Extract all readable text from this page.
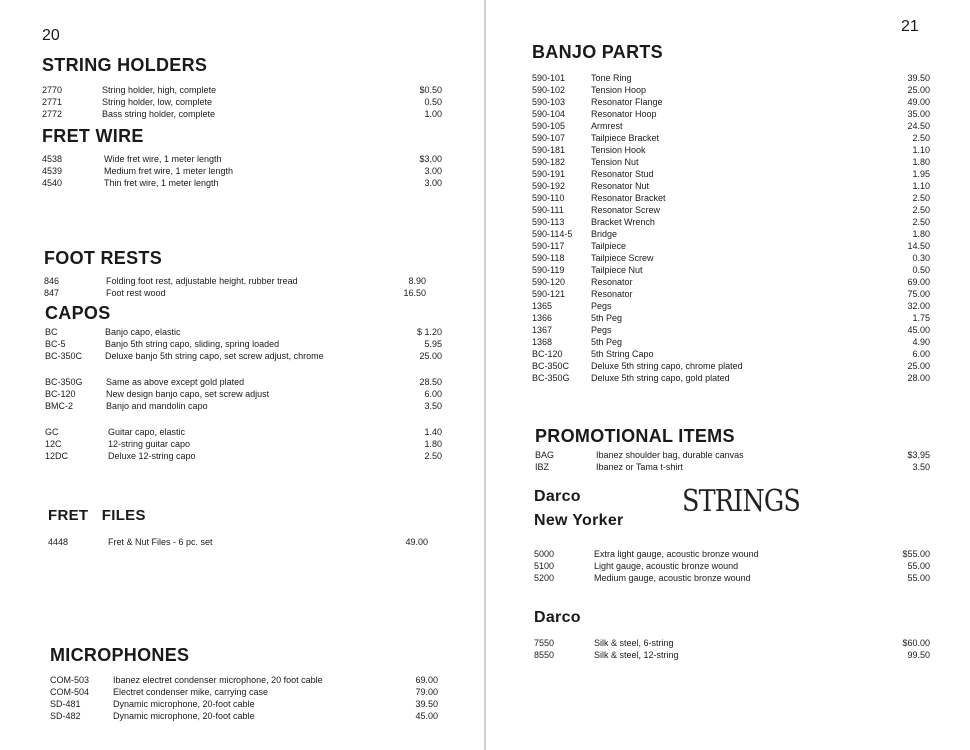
20
STRING HOLDERS
2770	String holder, high, complete	$0.50
2771	String holder, low, complete	0.50
2772	Bass string holder, complete	1.00
FRET WIRE
4538	Wide fret wire, 1 meter length	$3.00
4539	Medium fret wire, 1 meter length	3.00
4540	Thin fret wire, 1 meter length	3.00
FOOT RESTS
846	Folding foot rest, adjustable height, rubber tread	8.90
847	Foot rest wood	16.50
CAPOS
BC	Banjo capo, elastic	$ 1.20
BC-5	Banjo 5th string capo, sliding, spring loaded	5.95
BC-350C	Deluxe banjo 5th string capo, set screw adjust, chrome	25.00
BC-350G	Same as above except gold plated	28.50
BC-120	New design banjo capo, set screw adjust	6.00
BMC-2	Banjo and mandolin capo	3.50
GC	Guitar capo, elastic	1.40
12C	12-string guitar capo	1.80
12DC	Deluxe 12-string capo	2.50
FRET   FILES
4448	Fret & Nut Files - 6 pc. set	49.00
MICROPHONES
COM-503	Ibanez electret condenser microphone, 20 foot cable	69.00
COM-504	Electret condenser mike, carrying case	79.00
SD-481	Dynamic microphone, 20-foot cable	39.50
SD-482	Dynamic microphone, 20-foot cable	45.00
21
BANJO PARTS
590-101	Tone Ring	39.50
590-102	Tension Hoop	25.00
590-103	Resonator Flange	49.00
590-104	Resonator Hoop	35.00
590-105	Armrest	24.50
590-107	Tailpiece Bracket	2.50
590-181	Tension Hook	1.10
590-182	Tension Nut	1.80
590-191	Resonator Stud	1.95
590-192	Resonator Nut	1.10
590-110	Resonator Bracket	2.50
590-111	Resonator Screw	2.50
590-113	Bracket Wrench	2.50
590-114-5 Bridge	1.80
590-117	Tailpiece	14.50
590-118	Tailpiece Screw	0.30
590-119	Tailpiece Nut	0.50
590-120	Resonator	69.00
590-121	Resonator	75.00
1365	Pegs	32.00
1366	5th Peg	1.75
1367	Pegs	45.00
1368	5th Peg	4.90
BC-120	5th String Capo	6.00
BC-350C Deluxe 5th string capo, chrome plated	25.00
BC-350G Deluxe 5th string capo, gold plated	28.00
PROMOTIONAL ITEMS
BAG	Ibanez shoulder bag, durable canvas	$3.95
IBZ	Ibanez or Tama t-shirt	3.50
Darco
New Yorker
STRINGS
5000	Extra light gauge, acoustic bronze wound	$55.00
5100	Light gauge, acoustic bronze wound	55.00
5200	Medium gauge, acoustic bronze wound	55.00
Darco
7550	Silk & steel, 6-string	$60.00
8550	Silk & steel, 12-string	99.50
